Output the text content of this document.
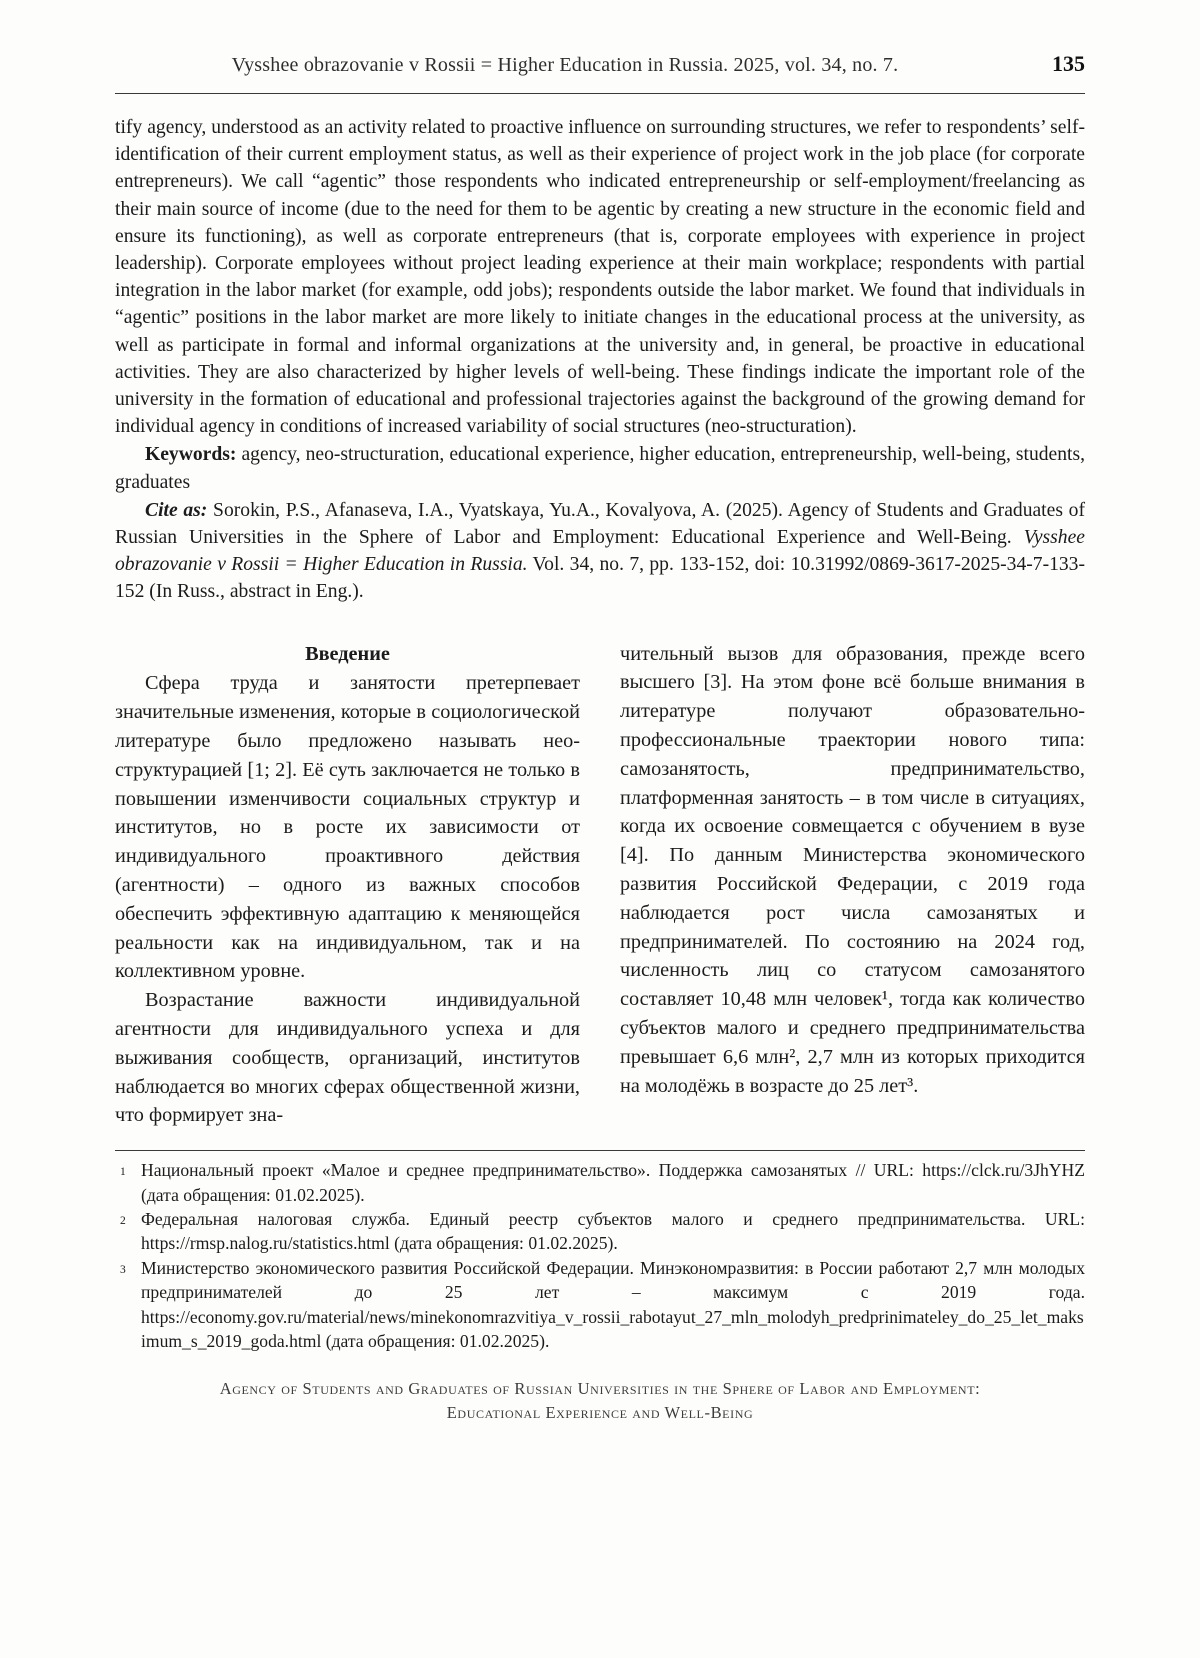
Vysshee obrazovanie v Rossii = Higher Education in Russia. 2025, vol. 34, no. 7.	135

tify agency, understood as an activity related to proactive influence on surrounding structures, we refer to respondents’ self-identification of their current employment status, as well as their experience of project work in the job place (for corporate entrepreneurs). We call “agentic” those respondents who indicated entrepreneurship or self-employment/freelancing as their main source of income (due to the need for them to be agentic by creating a new structure in the economic field and ensure its functioning), as well as corporate entrepreneurs (that is, corporate employees with experience in project leadership). Corporate employees without project leading experience at their main workplace; respondents with partial integration in the labor market (for example, odd jobs); respondents outside the labor market. We found that individuals in “agentic” positions in the labor market are more likely to initiate changes in the educational process at the university, as well as participate in formal and informal organizations at the university and, in general, be proactive in educational activities. They are also characterized by higher levels of well-being. These findings indicate the important role of the university in the formation of educational and professional trajectories against the background of the growing demand for individual agency in conditions of increased variability of social structures (neo-structuration).

Keywords: agency, neo-structuration, educational experience, higher education, entrepreneurship, well-being, students, graduates

Cite as: Sorokin, P.S., Afanaseva, I.A., Vyatskaya, Yu.A., Kovalyova, A. (2025). Agency of Students and Graduates of Russian Universities in the Sphere of Labor and Employment: Educational Experience and Well-Being. Vysshee obrazovanie v Rossii = Higher Education in Russia. Vol. 34, no. 7, pp. 133-152, doi: 10.31992/0869-3617-2025-34-7-133-152 (In Russ., abstract in Eng.).

Введение

Сфера труда и занятости претерпевает значительные изменения, которые в социологической литературе было предложено называть нео-структурацией [1; 2]. Её суть заключается не только в повышении изменчивости социальных структур и институтов, но в росте их зависимости от индивидуального проактивного действия (агентности) – одного из важных способов обеспечить эффективную адаптацию к меняющейся реальности как на индивидуальном, так и на коллективном уровне.

Возрастание важности индивидуальной агентности для индивидуального успеха и для выживания сообществ, организаций, институтов наблюдается во многих сферах общественной жизни, что формирует зна-

чительный вызов для образования, прежде всего высшего [3]. На этом фоне всё больше внимания в литературе получают образовательно-профессиональные траектории нового типа: самозанятость, предпринимательство, платформенная занятость – в том числе в ситуациях, когда их освоение совмещается с обучением в вузе [4]. По данным Министерства экономического развития Российской Федерации, с 2019 года наблюдается рост числа самозанятых и предпринимателей. По состоянию на 2024 год, численность лиц со статусом самозанятого составляет 10,48 млн человек¹, тогда как количество субъектов малого и среднего предпринимательства превышает 6,6 млн², 2,7 млн из которых приходится на молодёжь в возрасте до 25 лет³.

1 Национальный проект «Малое и среднее предпринимательство». Поддержка самозанятых // URL: https://clck.ru/3JhYHZ (дата обращения: 01.02.2025).
2 Федеральная налоговая служба. Единый реестр субъектов малого и среднего предпринимательства. URL: https://rmsp.nalog.ru/statistics.html (дата обращения: 01.02.2025).
3 Министерство экономического развития Российской Федерации. Минэкономразвития: в России работают 2,7 млн молодых предпринимателей до 25 лет – максимум с 2019 года. https://economy.gov.ru/material/news/minekonomrazvitiya_v_rossii_rabotayut_27_mln_molodyh_predprinimateley_do_25_let_maksimum_s_2019_goda.html (дата обращения: 01.02.2025).
Agency of Students and Graduates of Russian Universities in the Sphere of Labor and Employment:
Educational Experience and Well-Being
